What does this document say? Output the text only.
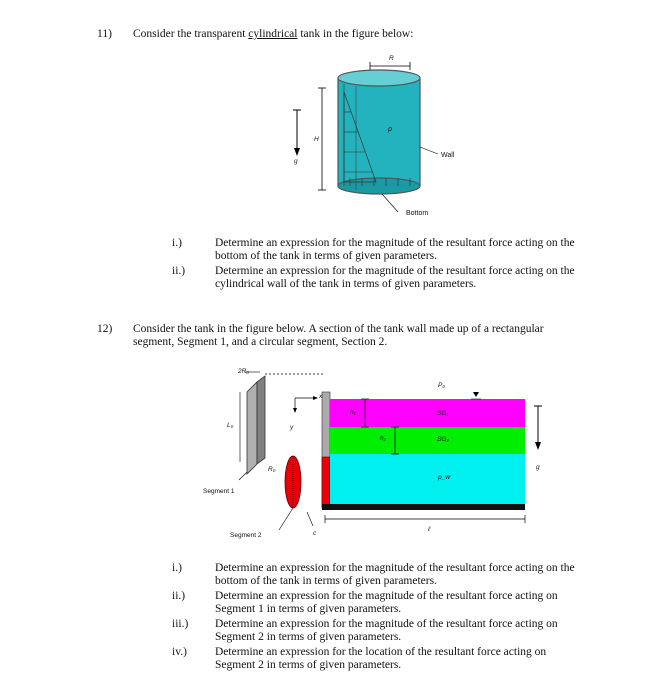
11) Consider the transparent cylindrical tank in the figure below:
R
H
ρ
g
Wall
Bottom
i.)	Determine an expression for the magnitude of the resultant force acting on the
bottom of the tank in terms of given parameters.
ii.)	Determine an expression for the magnitude of the resultant force acting on the
cylindrical wall of the tank in terms of given parameters.
12) Consider the tank in the figure below. A section of the tank wall made up of a rectangular
segment, Segment 1, and a circular segment, Section 2.
2R₀
L₀
R₀
x
y
h₁
h₂
P₀
SG₁
SG₂
ρ_w
g
ℓ
c
Segment 1
Segment 2
i.)	Determine an expression for the magnitude of the resultant force acting on the
bottom of the tank in terms of given parameters.
ii.)	Determine an expression for the magnitude of the resultant force acting on
Segment 1 in terms of given parameters.
iii.) Determine an expression for the magnitude of the resultant force acting on
Segment 2 in terms of given parameters.
iv.) Determine an expression for the location of the resultant force acting on
Segment 2 in terms of given parameters.
